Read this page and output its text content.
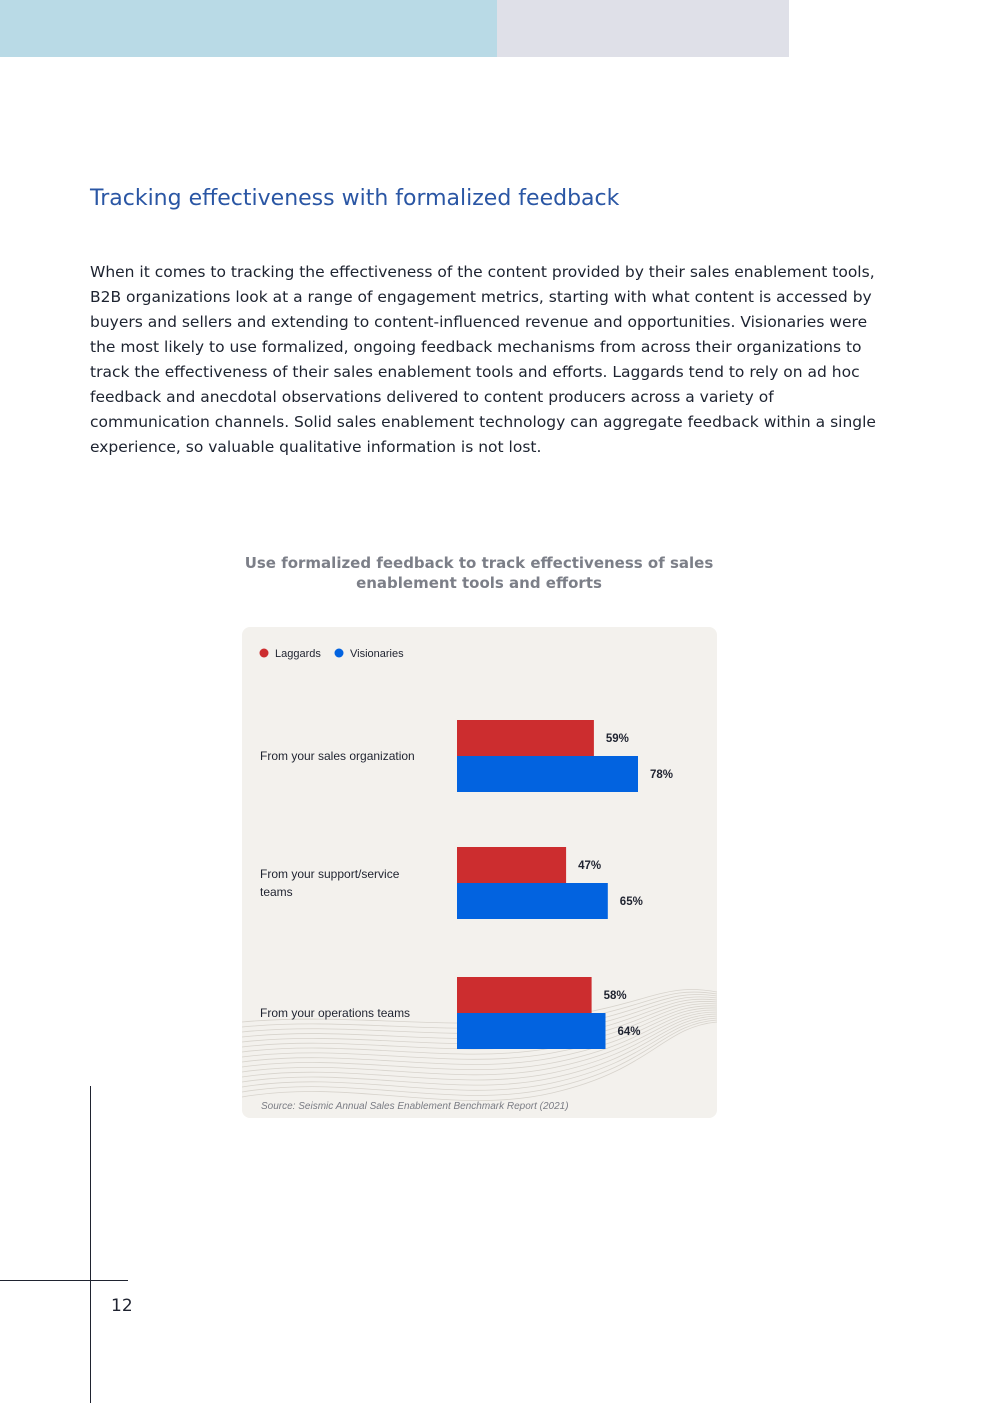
Tracking effectiveness with formalized feedback

When it comes to tracking the effectiveness of the content provided by their sales enablement tools, B2B organizations look at a range of engagement metrics, starting with what content is accessed by buyers and sellers and extending to content-influenced revenue and opportunities. Visionaries were the most likely to use formalized, ongoing feedback mechanisms from across their organizations to track the effectiveness of their sales enablement tools and efforts. Laggards tend to rely on ad hoc feedback and anecdotal observations delivered to content producers across a variety of communication channels. Solid sales enablement technology can aggregate feedback within a single experience, so valuable qualitative information is not lost.

Use formalized feedback to track effectiveness of sales enablement tools and efforts
Laggards	Visionaries
From your sales organization
59%
78%
From your support/service
teams
47%
65%
From your operations teams
58%
64%
Source: Seismic Annual Sales Enablement Benchmark Report (2021)
12
